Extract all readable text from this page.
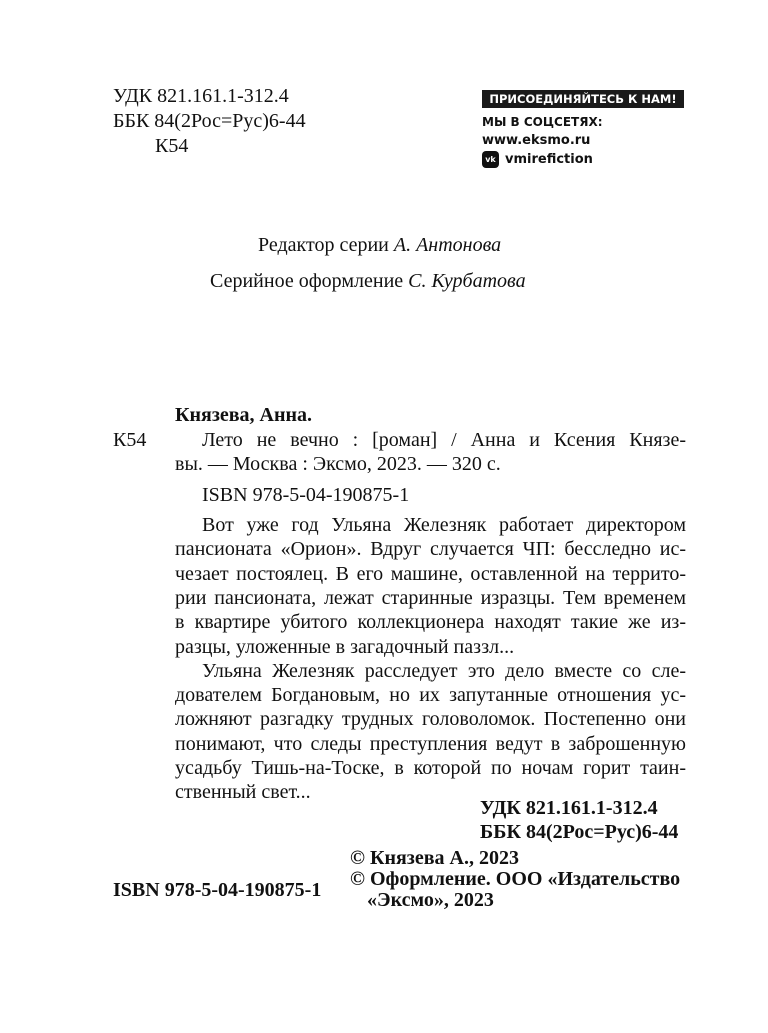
УДК 821.161.1-312.4
ББК 84(2Рос=Рус)6-44
К54
ПРИСОЕДИНЯЙТЕСЬ К НАМ!
МЫ В СОЦСЕТЯХ:
www.eksmo.ru
vk vmirefiction
Редактор серии А. Антонова
Серийное оформление С. Курбатова
Князева, Анна.
К54	Лето не вечно : [роман] / Анна и Ксения Князе-
вы. — Москва : Эксмо, 2023. — 320 с.
ISBN 978-5-04-190875-1
Вот уже год Ульяна Железняк работает директором
пансионата «Орион». Вдруг случается ЧП: бесследно ис-
чезает постоялец. В его машине, оставленной на террито-
рии пансионата, лежат старинные изразцы. Тем временем
в квартире убитого коллекционера находят такие же из-
разцы, уложенные в загадочный паззл...
Ульяна Железняк расследует это дело вместе со сле-
дователем Богдановым, но их запутанные отношения ус-
ложняют разгадку трудных головоломок. Постепенно они
понимают, что следы преступления ведут в заброшенную
усадьбу Тишь-на-Тоске, в которой по ночам горит таин-
ственный свет...
УДК 821.161.1-312.4
ББК 84(2Рос=Рус)6-44
© Князева А., 2023
© Оформление. ООО «Издательство
«Эксмо», 2023
ISBN 978-5-04-190875-1
